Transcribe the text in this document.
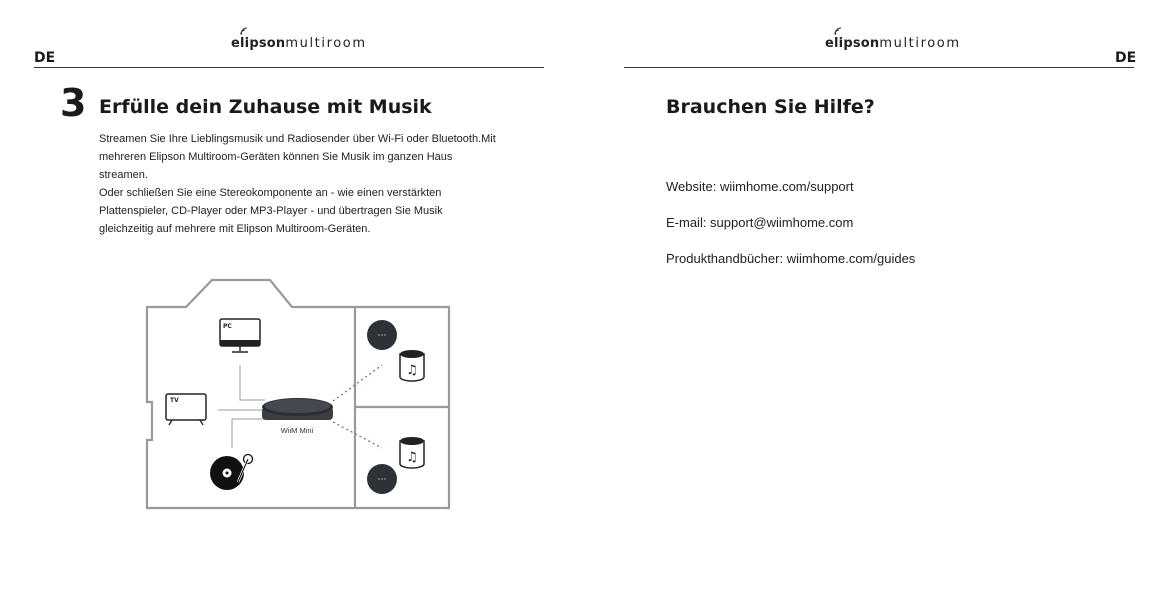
elipsonmultiroom
DE
3 Erfülle dein Zuhause mit Musik

Streamen Sie Ihre Lieblingsmusik und Radiosender über Wi-Fi oder Bluetooth.Mit mehreren Elipson Multiroom-Geräten können Sie Musik im ganzen Haus streamen.

Oder schließen Sie eine Stereokomponente an - wie einen verstärkten Plattenspieler, CD-Player oder MP3-Player - und übertragen Sie Musik gleichzeitig auf mehrere mit Elipson Multiroom-Geräten.

PC
TV
WiiM Mini
♫
♫
elipsonmultiroom
DE
Brauchen Sie Hilfe?
Website: wiimhome.com/support
E-mail: support@wiimhome.com
Produkthandbücher: wiimhome.com/guides
